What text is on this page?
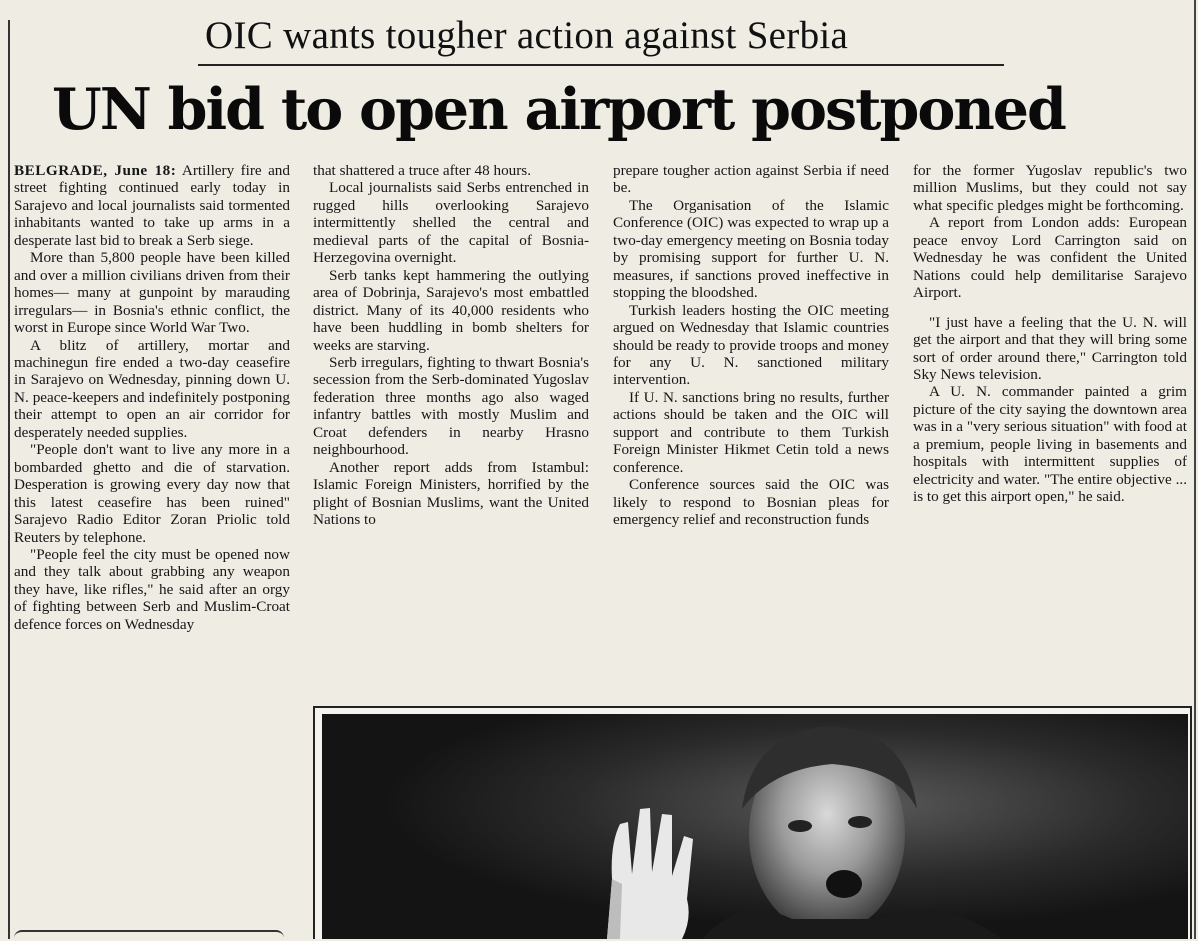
OIC wants tougher action against Serbia
UN bid to open airport postponed

BELGRADE, June 18: Artillery fire and street fighting continued early today in Sarajevo and local journalists said tormented inhabitants wanted to take up arms in a desperate last bid to break a Serb siege.

More than 5,800 people have been killed and over a million civilians driven from their homes— many at gunpoint by marauding irregulars— in Bosnia's ethnic conflict, the worst in Europe since World War Two.

A blitz of artillery, mortar and machinegun fire ended a two-day ceasefire in Sarajevo on Wednesday, pinning down U. N. peace-keepers and indefinitely postponing their attempt to open an air corridor for desperately needed supplies.

"People don't want to live any more in a bombarded ghetto and die of starvation. Desperation is growing every day now that this latest ceasefire has been ruined" Sarajevo Radio Editor Zoran Priolic told Reuters by telephone.

"People feel the city must be opened now and they talk about grabbing any weapon they have, like rifles," he said after an orgy of fighting between Serb and Muslim-Croat defence forces on Wednesday

that shattered a truce after 48 hours.

Local journalists said Serbs entrenched in rugged hills overlooking Sarajevo intermittently shelled the central and medieval parts of the capital of Bosnia-Herzegovina overnight.

Serb tanks kept hammering the outlying area of Dobrinja, Sarajevo's most embattled district. Many of its 40,000 residents who have been huddling in bomb shelters for weeks are starving.

Serb irregulars, fighting to thwart Bosnia's secession from the Serb-dominated Yugoslav federation three months ago also waged infantry battles with mostly Muslim and Croat defenders in nearby Hrasno neighbourhood.

Another report adds from Istambul: Islamic Foreign Ministers, horrified by the plight of Bosnian Muslims, want the United Nations to

prepare tougher action against Serbia if need be.

The Organisation of the Islamic Conference (OIC) was expected to wrap up a two-day emergency meeting on Bosnia today by promising support for further U. N. measures, if sanctions proved ineffective in stopping the bloodshed.

Turkish leaders hosting the OIC meeting argued on Wednesday that Islamic countries should be ready to provide troops and money for any U. N. sanctioned military intervention.

If U. N. sanctions bring no results, further actions should be taken and the OIC will support and contribute to them Turkish Foreign Minister Hikmet Cetin told a news conference.

Conference sources said the OIC was likely to respond to Bosnian pleas for emergency relief and reconstruction funds

for the former Yugoslav republic's two million Muslims, but they could not say what specific pledges might be forthcoming.

A report from London adds: European peace envoy Lord Carrington said on Wednesday he was confident the United Nations could help demilitarise Sarajevo Airport.

"I just have a feeling that the U. N. will get the airport and that they will bring some sort of order around there," Carrington told Sky News television.

A U. N. commander painted a grim picture of the city saying the downtown area was in a "very serious situation" with food at a premium, people living in basements and hospitals with intermittent supplies of electricity and water. "The entire objective ... is to get this airport open," he said.
